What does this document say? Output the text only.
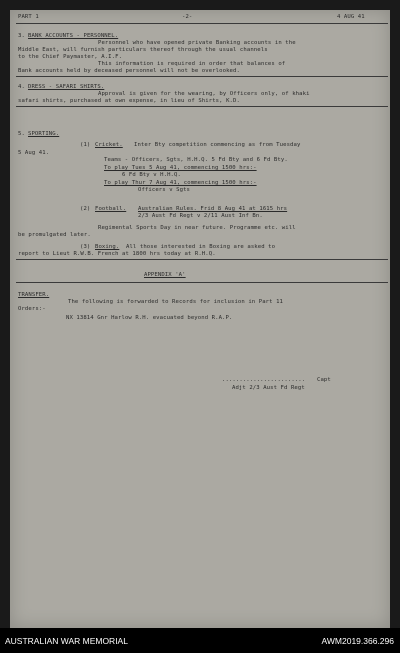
PART 1	-2-	4 AUG 41
3. BANK ACCOUNTS - PERSONNEL.
Personnel who have opened private Banking accounts in the
Middle East, will furnish particulars thereof through the usual channels
to the Chief Paymaster, A.I.F.
This information is required in order that balances of
Bank accounts held by deceased personnel will not be overlooked.
4. DRESS - SAFARI SHIRTS.
Approval is given for the wearing, by Officers only, of khaki
safari shirts, purchased at own expense, in lieu of Shirts, K.D.
5. SPORTING.
5 Aug 41.
(1) Cricket. Inter Bty competition commencing as from Tuesday
Teams - Officers, Sgts, H.H.Q. 5 Fd Bty and 6 Fd Bty.
To play Tues 5 Aug 41, commencing 1500 hrs:-
6 Fd Bty v H.H.Q.
To play Thur 7 Aug 41, commencing 1500 hrs:-
Officers v Sgts
(2) Football. Australian Rules. Frid 8 Aug 41 at 1615 hrs
2/3 Aust Fd Regt v 2/11 Aust Inf Bn.
Regimental Sports Day in near future. Programme etc. will
be promulgated later.
(3) Boxing. All those interested in Boxing are asked to
report to Lieut R.W.B. French at 1800 hrs today at R.H.Q.
APPENDIX 'A'
TRANSFER.
The following is forwarded to Records for inclusion in Part 11
Orders:-
NX 13814 Gnr Harlow R.H. evacuated beyond R.A.P.
........................ Capt
Adjt 2/3 Aust Fd Regt
AUSTRALIAN WAR MEMORIAL	AWM2019.366.296
